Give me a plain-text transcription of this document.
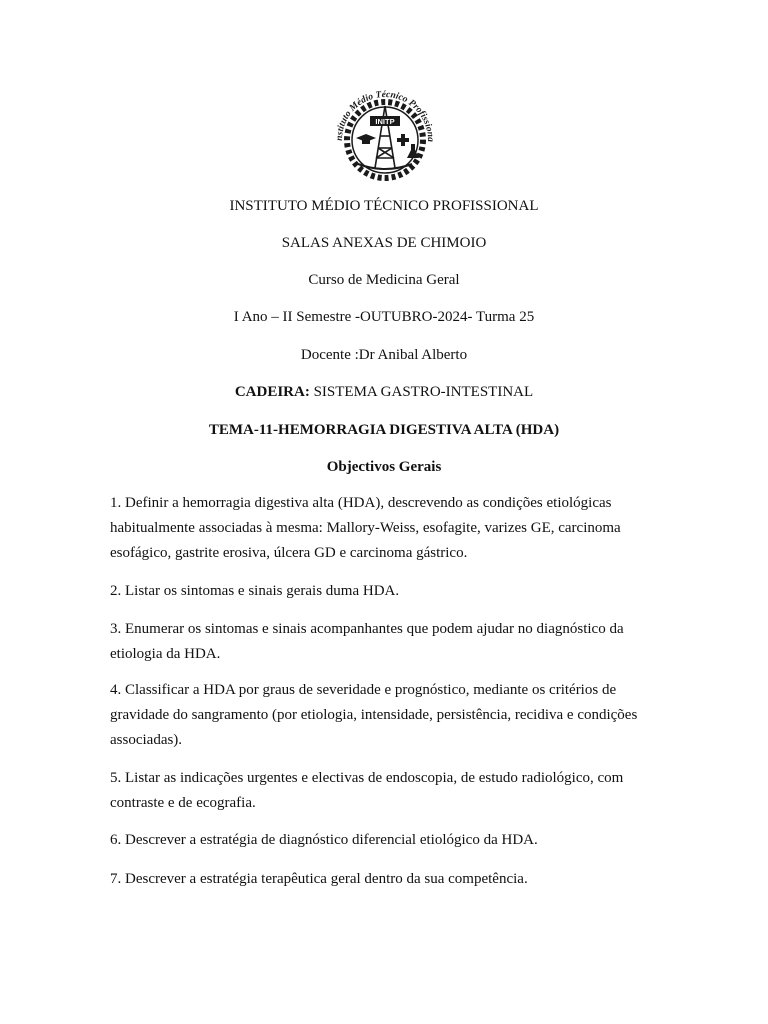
nstituto Médio Técnico Profissiona
INITP
INSTITUTO MÉDIO TÉCNICO PROFISSIONAL
SALAS ANEXAS DE CHIMOIO
Curso de Medicina Geral
I Ano – II Semestre -OUTUBRO-2024- Turma 25
Docente :Dr Anibal Alberto
CADEIRA: SISTEMA GASTRO-INTESTINAL
TEMA-11-HEMORRAGIA DIGESTIVA ALTA (HDA)
Objectivos Gerais
1. Definir a hemorragia digestiva alta (HDA), descrevendo as condições etiológicas
habitualmente associadas à mesma: Mallory-Weiss, esofagite, varizes GE, carcinoma
esofágico, gastrite erosiva, úlcera GD e carcinoma gástrico.
2. Listar os sintomas e sinais gerais duma HDA.
3. Enumerar os sintomas e sinais acompanhantes que podem ajudar no diagnóstico da
etiologia da HDA.
4. Classificar a HDA por graus de severidade e prognóstico, mediante os critérios de
gravidade do sangramento (por etiologia, intensidade, persistência, recidiva e condições
associadas).
5. Listar as indicações urgentes e electivas de endoscopia, de estudo radiológico, com
contraste e de ecografia.
6. Descrever a estratégia de diagnóstico diferencial etiológico da HDA.
7. Descrever a estratégia terapêutica geral dentro da sua competência.
